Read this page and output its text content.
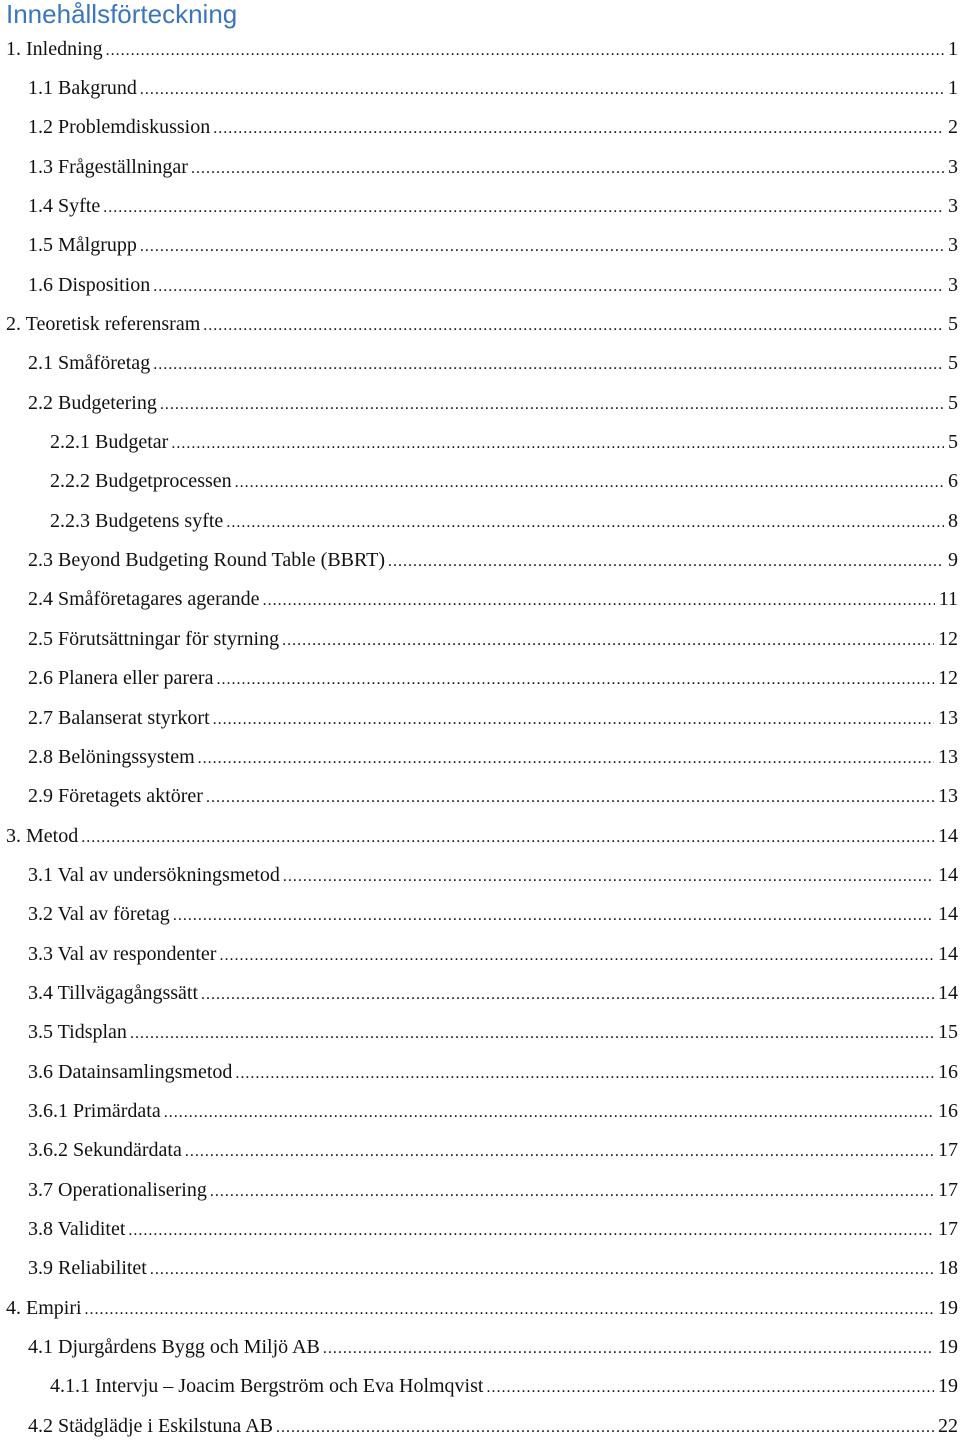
Innehållsförteckning
1. Inledning .....	1
1.1 Bakgrund .....	1
1.2 Problemdiskussion .....	2
1.3 Frågeställningar .....	3
1.4 Syfte .....	3
1.5 Målgrupp .....	3
1.6 Disposition .....	3
2. Teoretisk referensram .....	5
2.1 Småföretag .....	5
2.2 Budgetering .....	5
2.2.1 Budgetar .....	5
2.2.2 Budgetprocessen .....	6
2.2.3 Budgetens syfte .....	8
2.3 Beyond Budgeting Round Table (BBRT) .....	9
2.4 Småföretagares agerande .....	11
2.5 Förutsättningar för styrning .....	12
2.6 Planera eller parera .....	12
2.7 Balanserat styrkort .....	13
2.8 Belöningssystem .....	13
2.9 Företagets aktörer .....	13
3. Metod .....	14
3.1 Val av undersökningsmetod .....	14
3.2 Val av företag .....	14
3.3 Val av respondenter .....	14
3.4 Tillvägagångssätt .....	14
3.5 Tidsplan .....	15
3.6 Datainsamlingsmetod .....	16
3.6.1 Primärdata .....	16
3.6.2 Sekundärdata .....	17
3.7 Operationalisering .....	17
3.8 Validitet .....	17
3.9 Reliabilitet .....	18
4. Empiri .....	19
4.1 Djurgårdens Bygg och Miljö AB .....	19
4.1.1 Intervju – Joacim Bergström och Eva Holmqvist .....	19
4.2 Städglädje i Eskilstuna AB .....	22
